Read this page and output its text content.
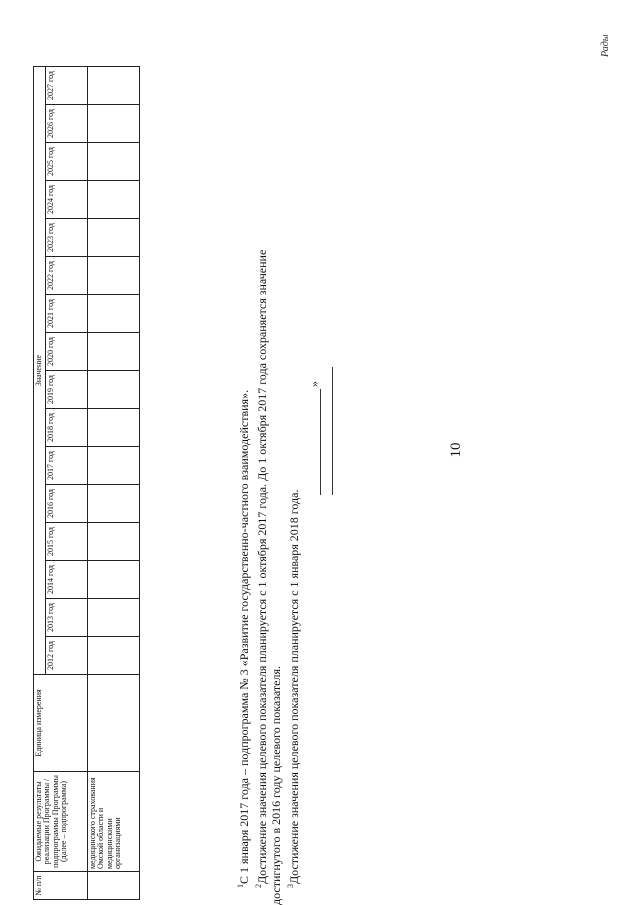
10
№ п/п	Ожидаемые результаты реализации Программы / подпрограммы Программы (далее – подпрограмма)	Единица измерения	Значение															
			2012 год	2013 год	2014 год	2015 год	2016 год	2017 год	2018 год	2019 год	2020 год	2021 год	2022 год	2023 год	2024 год	2025 год	2026 год	2027 год
	медицинского страхования Омской области и медицинскими организациями																	

$^1$С 1 января 2017 года – подпрограмма № 3 «Развитие государственно-частного взаимодействия».

$^2$Достижение значения целевого показателя планируется с 1 октября 2017 года. До 1 октября 2017 года сохраняется значение достигнутого в 2016 году целевого показателя. $^3$Достижение значения целевого показателя планируется с 1 января 2018 года.

»
Рады
